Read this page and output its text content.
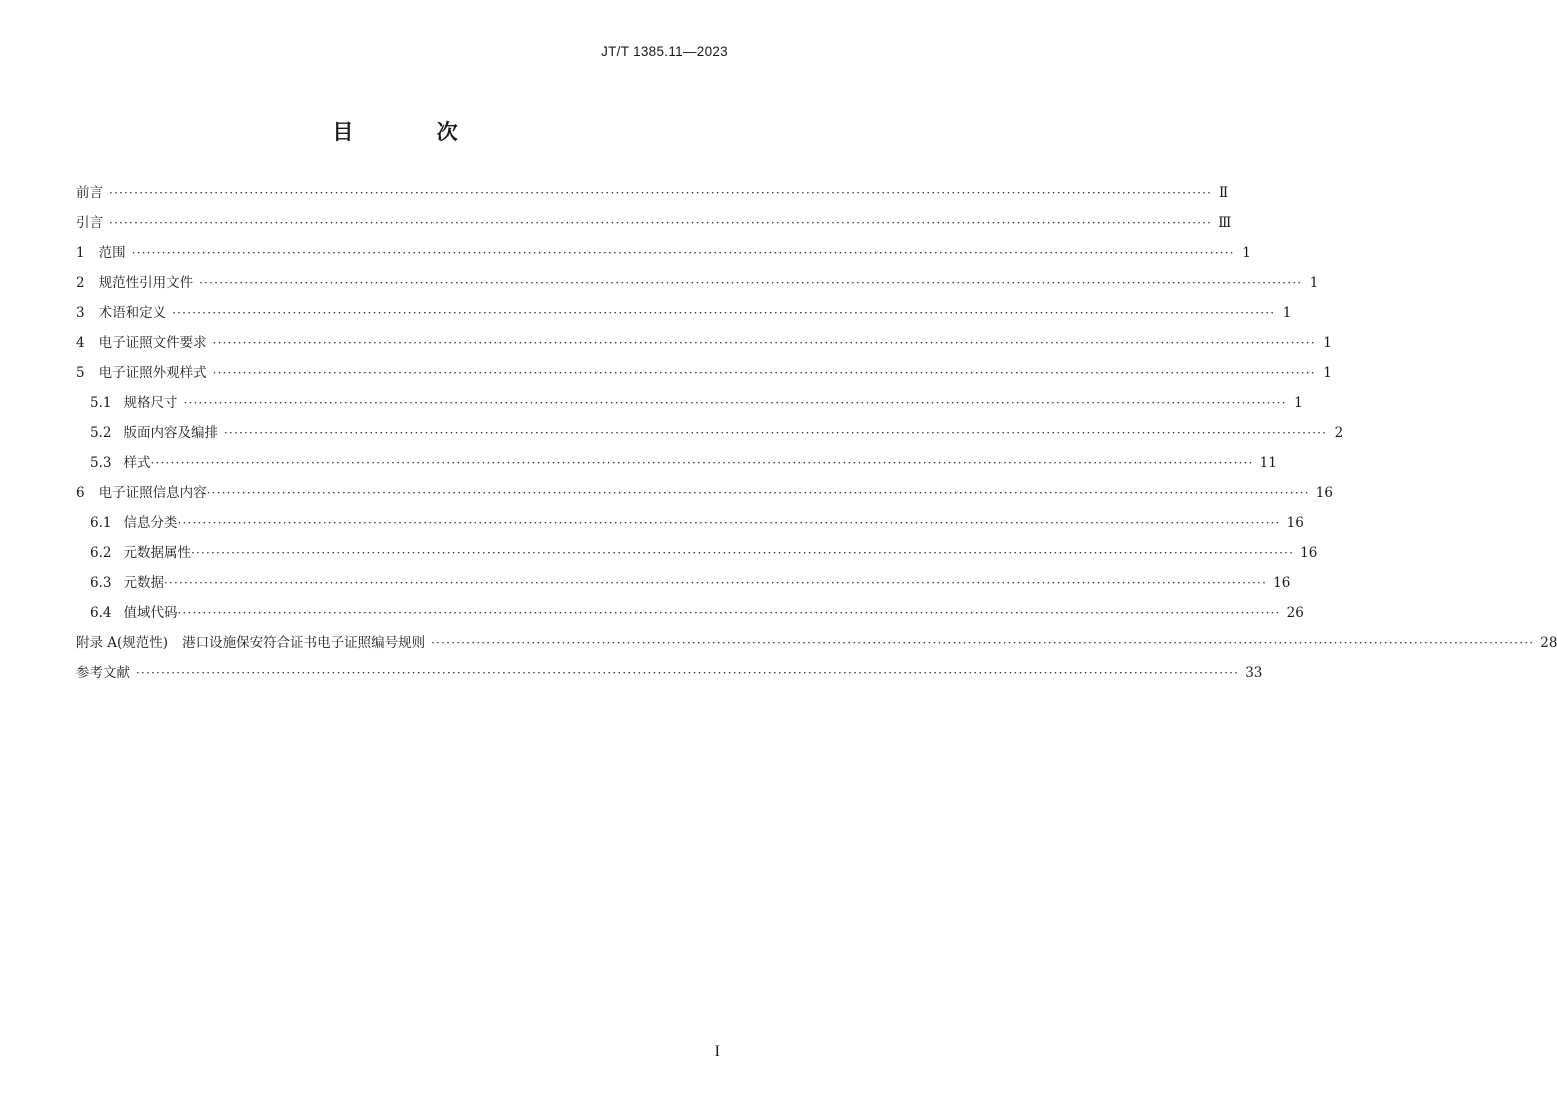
JT/T 1385.11—2023
目 次
前言 ···························································································································································································································· Ⅱ
引言 ···························································································································································································································· Ⅲ
1 范围 ···························································································································································································································· 1
2 规范性引用文件 ···························································································································································································································· 1
3 术语和定义 ···························································································································································································································· 1
4 电子证照文件要求 ···························································································································································································································· 1
5 电子证照外观样式 ···························································································································································································································· 1
5.1 规格尺寸 ···························································································································································································································· 1
5.2 版面内容及编排 ···························································································································································································································· 2
5.3 样式 ···························································································································································································································· 11
6 电子证照信息内容 ···························································································································································································································· 16
6.1 信息分类 ···························································································································································································································· 16
6.2 元数据属性 ···························································································································································································································· 16
6.3 元数据 ···························································································································································································································· 16
6.4 值域代码 ···························································································································································································································· 26
附录 A(规范性) 港口设施保安符合证书电子证照编号规则 ···························································································································································································································· 28
参考文献 ···························································································································································································································· 33
I
